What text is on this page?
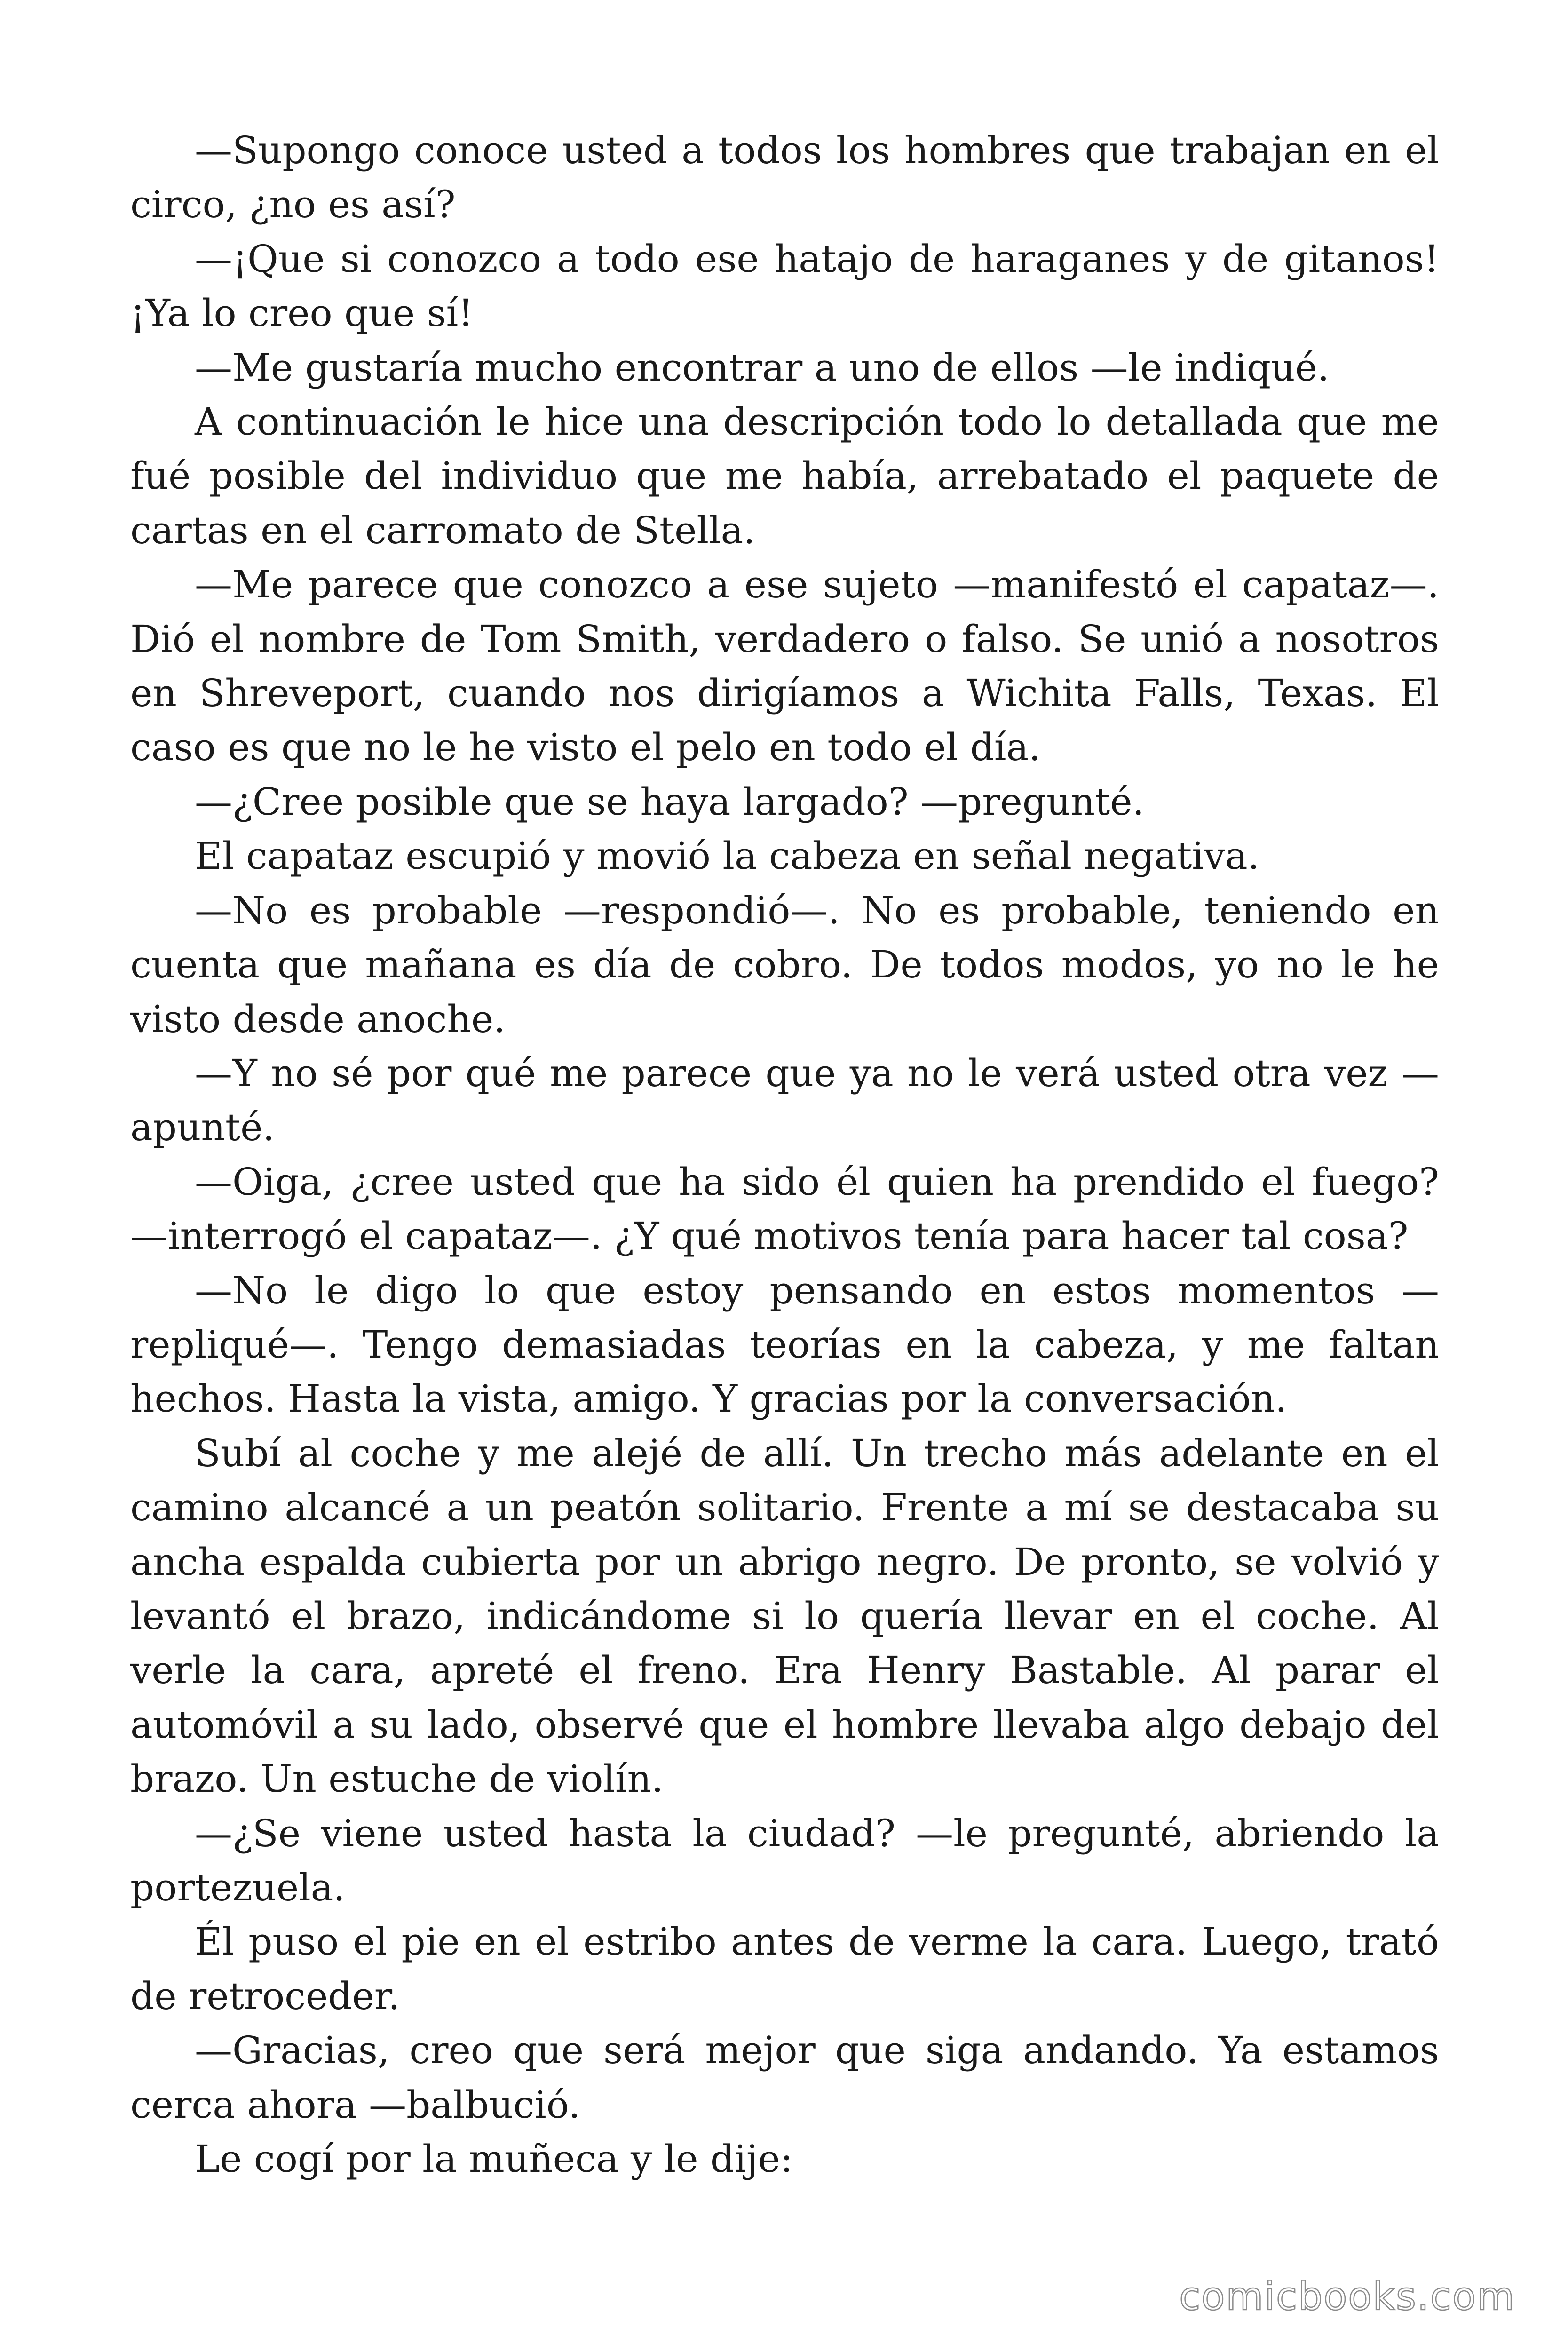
—Supongo conoce usted a todos los hombres que trabajan en el circo, ¿no es así?

—¡Que si conozco a todo ese hatajo de haraganes y de gitanos! ¡Ya lo creo que sí!

—Me gustaría mucho encontrar a uno de ellos —le indiqué.

A continuación le hice una descripción todo lo detallada que me fué posible del individuo que me había, arrebatado el paquete de cartas en el carromato de Stella.

—Me parece que conozco a ese sujeto —manifestó el capataz—. Dió el nombre de Tom Smith, verdadero o falso. Se unió a nosotros en Shreveport, cuando nos dirigíamos a Wichita Falls, Texas. El caso es que no le he visto el pelo en todo el día.

—¿Cree posible que se haya largado? —pregunté.

El capataz escupió y movió la cabeza en señal negativa.

—No es probable —respondió—. No es probable, teniendo en cuenta que mañana es día de cobro. De todos modos, yo no le he visto desde anoche.

—Y no sé por qué me parece que ya no le verá usted otra vez —apunté.

—Oiga, ¿cree usted que ha sido él quien ha prendido el fuego? —interrogó el capataz—. ¿Y qué motivos tenía para hacer tal cosa?

—No le digo lo que estoy pensando en estos momentos —repliqué—. Tengo demasiadas teorías en la cabeza, y me faltan hechos. Hasta la vista, amigo. Y gracias por la conversación.

Subí al coche y me alejé de allí. Un trecho más adelante en el camino alcancé a un peatón solitario. Frente a mí se destacaba su ancha espalda cubierta por un abrigo negro. De pronto, se volvió y levantó el brazo, indicándome si lo quería llevar en el coche. Al verle la cara, apreté el freno. Era Henry Bastable. Al parar el automóvil a su lado, observé que el hombre llevaba algo debajo del brazo. Un estuche de violín.

—¿Se viene usted hasta la ciudad? —le pregunté, abriendo la portezuela.

Él puso el pie en el estribo antes de verme la cara. Luego, trató de retroceder.

—Gracias, creo que será mejor que siga andando. Ya estamos cerca ahora —balbució.

Le cogí por la muñeca y le dije:

comicbooks.com
